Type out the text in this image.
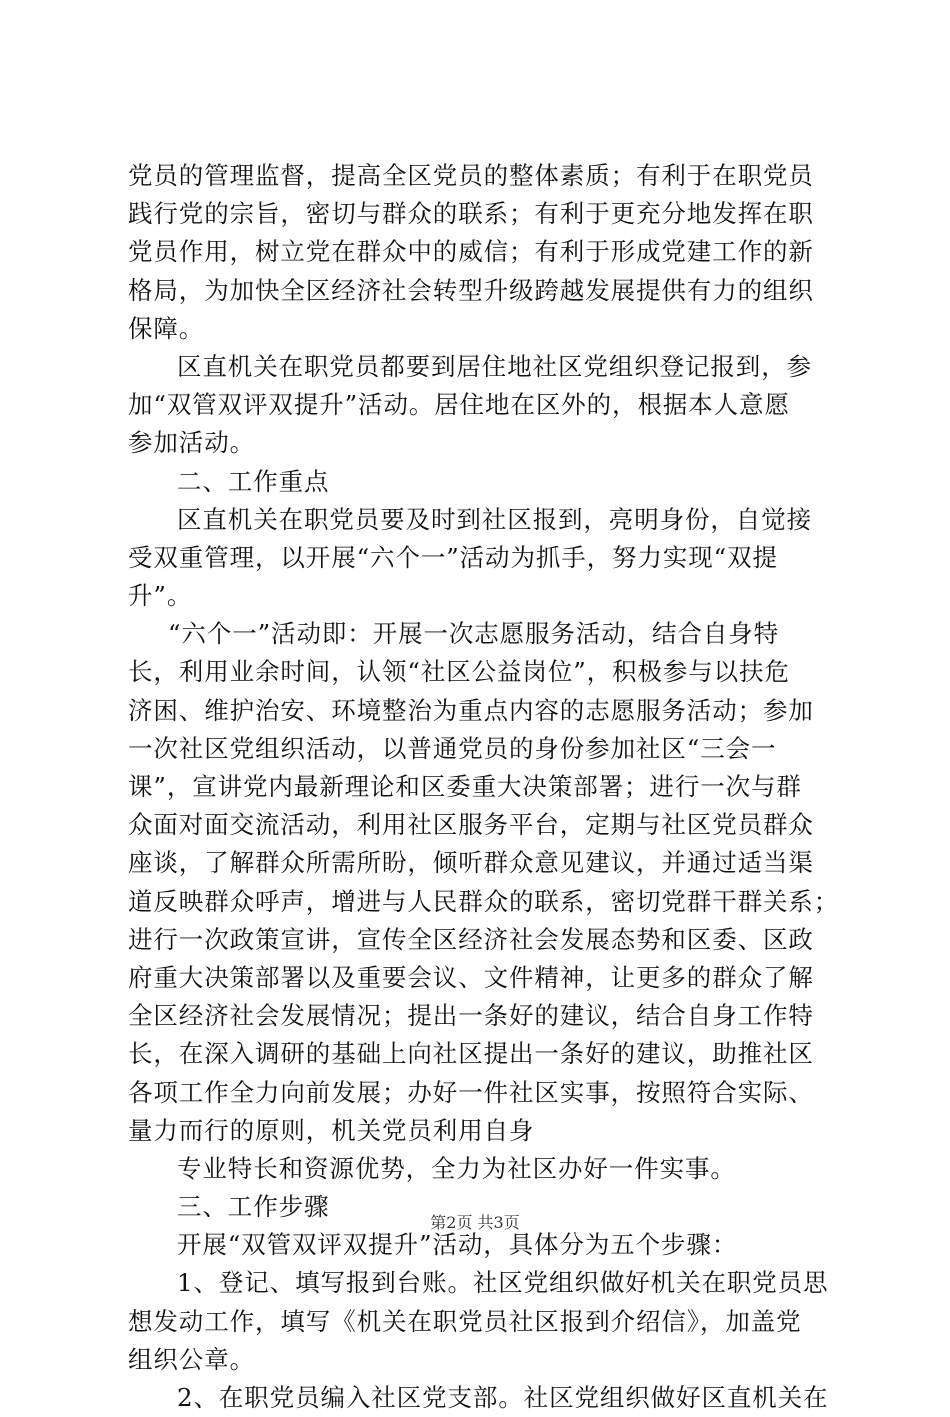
党员的管理监督，提高全区党员的整体素质；有利于在职党员
践行党的宗旨，密切与群众的联系；有利于更充分地发挥在职
党员作用，树立党在群众中的威信；有利于形成党建工作的新
格局，为加快全区经济社会转型升级跨越发展提供有力的组织
保障。
区直机关在职党员都要到居住地社区党组织登记报到，参
加“双管双评双提升”活动。居住地在区外的，根据本人意愿
参加活动。
二、工作重点
区直机关在职党员要及时到社区报到，亮明身份，自觉接
受双重管理，以开展“六个一”活动为抓手，努力实现“双提
升”。
“六个一”活动即：开展一次志愿服务活动，结合自身特
长，利用业余时间，认领“社区公益岗位”，积极参与以扶危
济困、维护治安、环境整治为重点内容的志愿服务活动；参加
一次社区党组织活动，以普通党员的身份参加社区“三会一
课”，宣讲党内最新理论和区委重大决策部署；进行一次与群
众面对面交流活动，利用社区服务平台，定期与社区党员群众
座谈，了解群众所需所盼，倾听群众意见建议，并通过适当渠
道反映群众呼声，增进与人民群众的联系，密切党群干群关系；
进行一次政策宣讲，宣传全区经济社会发展态势和区委、区政
府重大决策部署以及重要会议、文件精神，让更多的群众了解
全区经济社会发展情况；提出一条好的建议，结合自身工作特
长，在深入调研的基础上向社区提出一条好的建议，助推社区
各项工作全力向前发展；办好一件社区实事，按照符合实际、
量力而行的原则，机关党员利用自身
专业特长和资源优势，全力为社区办好一件实事。
三、工作步骤
开展“双管双评双提升”活动，具体分为五个步骤：
1、登记、填写报到台账。社区党组织做好机关在职党员思
想发动工作，填写《机关在职党员社区报到介绍信》，加盖党
组织公章。
2、在职党员编入社区党支部。社区党组织做好区直机关在
第2页 共3页
